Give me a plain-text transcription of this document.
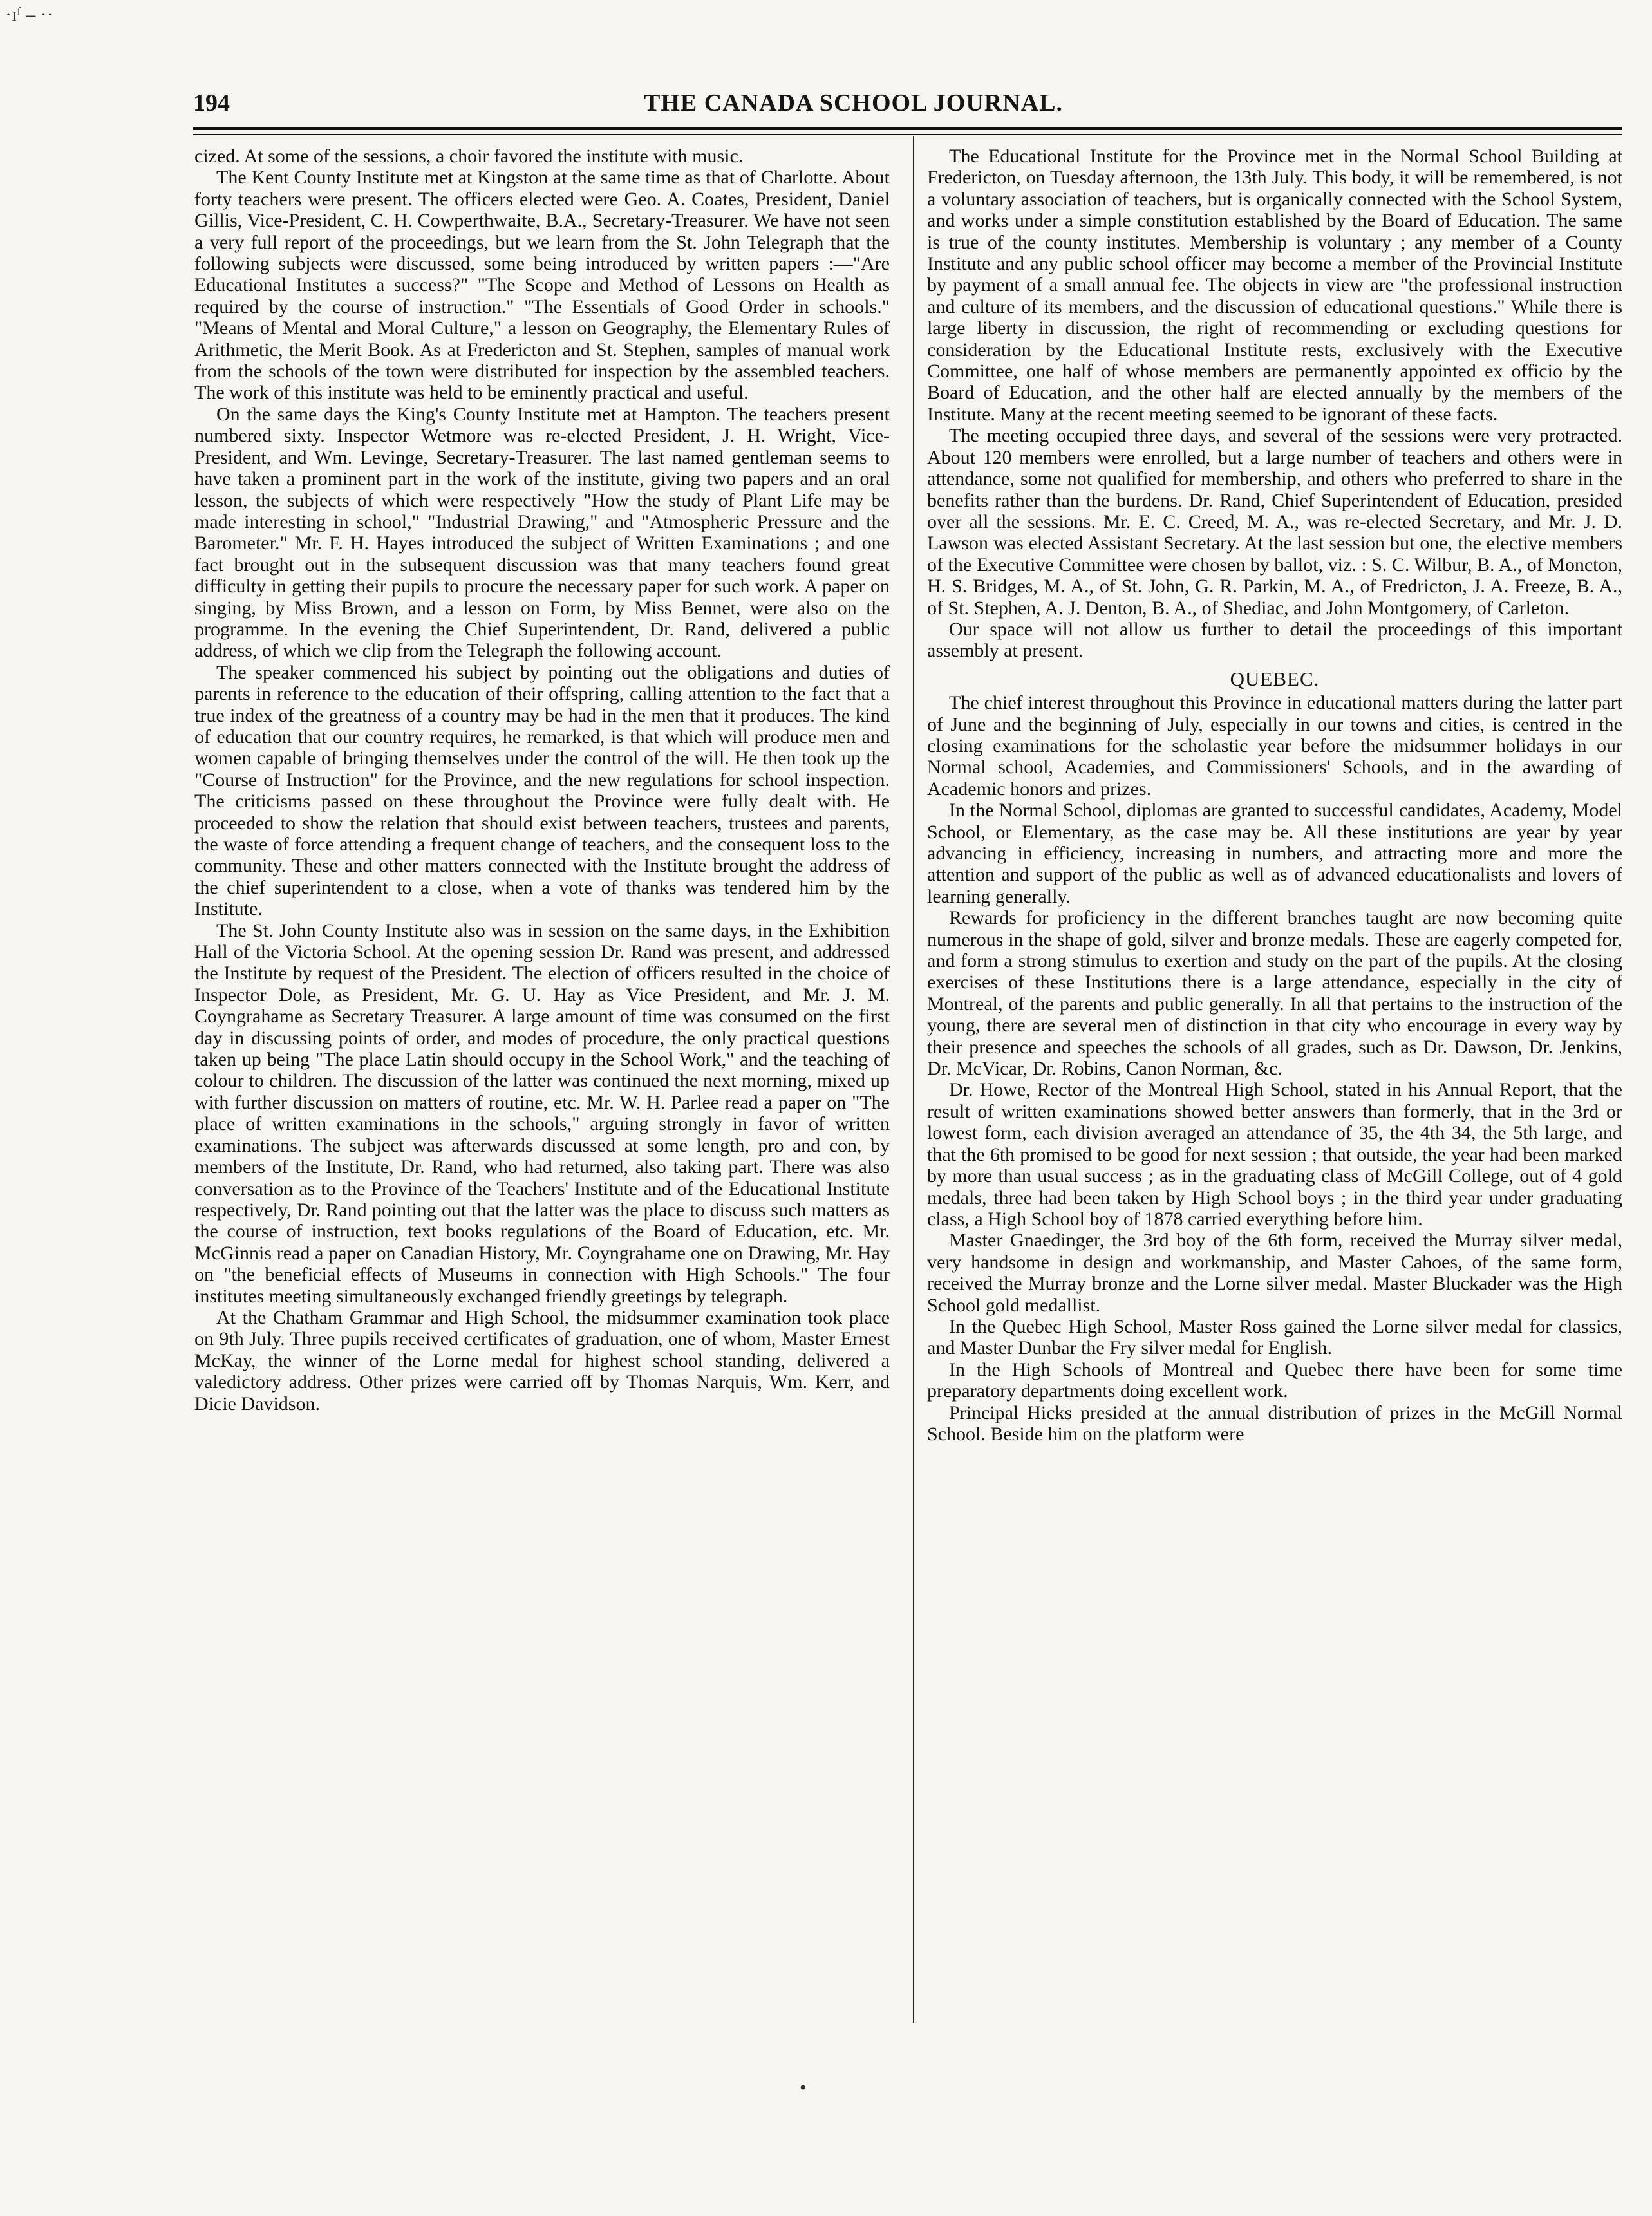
·ɪᶠ – ··
194	THE CANADA SCHOOL JOURNAL.

cized. At some of the sessions, a choir favored the institute with music.

The Kent County Institute met at Kingston at the same time as that of Charlotte. About forty teachers were present. The officers elected were Geo. A. Coates, President, Daniel Gillis, Vice-President, C. H. Cowperthwaite, B.A., Secretary-Treasurer. We have not seen a very full report of the proceedings, but we learn from the St. John Telegraph that the following subjects were discussed, some being introduced by written papers :—"Are Educational Institutes a success?" "The Scope and Method of Lessons on Health as required by the course of instruction." "The Essentials of Good Order in schools." "Means of Mental and Moral Culture," a lesson on Geography, the Elementary Rules of Arithmetic, the Merit Book. As at Fredericton and St. Stephen, samples of manual work from the schools of the town were distributed for inspection by the assembled teachers. The work of this institute was held to be eminently practical and useful.

On the same days the King's County Institute met at Hampton. The teachers present numbered sixty. Inspector Wetmore was re-elected President, J. H. Wright, Vice-President, and Wm. Levinge, Secretary-Treasurer. The last named gentleman seems to have taken a prominent part in the work of the institute, giving two papers and an oral lesson, the subjects of which were respectively "How the study of Plant Life may be made interesting in school," "Industrial Drawing," and "Atmospheric Pressure and the Barometer." Mr. F. H. Hayes introduced the subject of Written Examinations ; and one fact brought out in the subsequent discussion was that many teachers found great difficulty in getting their pupils to procure the necessary paper for such work. A paper on singing, by Miss Brown, and a lesson on Form, by Miss Bennet, were also on the programme. In the evening the Chief Superintendent, Dr. Rand, delivered a public address, of which we clip from the Telegraph the following account.

The speaker commenced his subject by pointing out the obligations and duties of parents in reference to the education of their offspring, calling attention to the fact that a true index of the greatness of a country may be had in the men that it produces. The kind of education that our country requires, he remarked, is that which will produce men and women capable of bringing themselves under the control of the will. He then took up the "Course of Instruction" for the Province, and the new regulations for school inspection. The criticisms passed on these throughout the Province were fully dealt with. He proceeded to show the relation that should exist between teachers, trustees and parents, the waste of force attending a frequent change of teachers, and the consequent loss to the community. These and other matters connected with the Institute brought the address of the chief superintendent to a close, when a vote of thanks was tendered him by the Institute.

The St. John County Institute also was in session on the same days, in the Exhibition Hall of the Victoria School. At the opening session Dr. Rand was present, and addressed the Institute by request of the President. The election of officers resulted in the choice of Inspector Dole, as President, Mr. G. U. Hay as Vice President, and Mr. J. M. Coyngrahame as Secretary Treasurer. A large amount of time was consumed on the first day in discussing points of order, and modes of procedure, the only practical questions taken up being "The place Latin should occupy in the School Work," and the teaching of colour to children. The discussion of the latter was continued the next morning, mixed up with further discussion on matters of routine, etc. Mr. W. H. Parlee read a paper on "The place of written examinations in the schools," arguing strongly in favor of written examinations. The subject was afterwards discussed at some length, pro and con, by members of the Institute, Dr. Rand, who had returned, also taking part. There was also conversation as to the Province of the Teachers' Institute and of the Educational Institute respectively, Dr. Rand pointing out that the latter was the place to discuss such matters as the course of instruction, text books regulations of the Board of Education, etc. Mr. McGinnis read a paper on Canadian History, Mr. Coyngrahame one on Drawing, Mr. Hay on "the beneficial effects of Museums in connection with High Schools." The four institutes meeting simultaneously exchanged friendly greetings by telegraph.

At the Chatham Grammar and High School, the midsummer examination took place on 9th July. Three pupils received certificates of graduation, one of whom, Master Ernest McKay, the winner of the Lorne medal for highest school standing, delivered a valedictory address. Other prizes were carried off by Thomas Narquis, Wm. Kerr, and Dicie Davidson.

The Educational Institute for the Province met in the Normal School Building at Fredericton, on Tuesday afternoon, the 13th July. This body, it will be remembered, is not a voluntary association of teachers, but is organically connected with the School System, and works under a simple constitution established by the Board of Education. The same is true of the county institutes. Membership is voluntary ; any member of a County Institute and any public school officer may become a member of the Provincial Institute by payment of a small annual fee. The objects in view are "the professional instruction and culture of its members, and the discussion of educational questions." While there is large liberty in discussion, the right of recommending or excluding questions for consideration by the Educational Institute rests, exclusively with the Executive Committee, one half of whose members are permanently appointed ex officio by the Board of Education, and the other half are elected annually by the members of the Institute. Many at the recent meeting seemed to be ignorant of these facts.

The meeting occupied three days, and several of the sessions were very protracted. About 120 members were enrolled, but a large number of teachers and others were in attendance, some not qualified for membership, and others who preferred to share in the benefits rather than the burdens. Dr. Rand, Chief Superintendent of Education, presided over all the sessions. Mr. E. C. Creed, M. A., was re-elected Secretary, and Mr. J. D. Lawson was elected Assistant Secretary. At the last session but one, the elective members of the Executive Committee were chosen by ballot, viz. : S. C. Wilbur, B. A., of Moncton, H. S. Bridges, M. A., of St. John, G. R. Parkin, M. A., of Fredricton, J. A. Freeze, B. A., of St. Stephen, A. J. Denton, B. A., of Shediac, and John Montgomery, of Carleton.

Our space will not allow us further to detail the proceedings of this important assembly at present.

QUEBEC.

The chief interest throughout this Province in educational matters during the latter part of June and the beginning of July, especially in our towns and cities, is centred in the closing examinations for the scholastic year before the midsummer holidays in our Normal school, Academies, and Commissioners' Schools, and in the awarding of Academic honors and prizes.

In the Normal School, diplomas are granted to successful candidates, Academy, Model School, or Elementary, as the case may be. All these institutions are year by year advancing in efficiency, increasing in numbers, and attracting more and more the attention and support of the public as well as of advanced educationalists and lovers of learning generally.

Rewards for proficiency in the different branches taught are now becoming quite numerous in the shape of gold, silver and bronze medals. These are eagerly competed for, and form a strong stimulus to exertion and study on the part of the pupils. At the closing exercises of these Institutions there is a large attendance, especially in the city of Montreal, of the parents and public generally. In all that pertains to the instruction of the young, there are several men of distinction in that city who encourage in every way by their presence and speeches the schools of all grades, such as Dr. Dawson, Dr. Jenkins, Dr. McVicar, Dr. Robins, Canon Norman, &c.

Dr. Howe, Rector of the Montreal High School, stated in his Annual Report, that the result of written examinations showed better answers than formerly, that in the 3rd or lowest form, each division averaged an attendance of 35, the 4th 34, the 5th large, and that the 6th promised to be good for next session ; that outside, the year had been marked by more than usual success ; as in the graduating class of McGill College, out of 4 gold medals, three had been taken by High School boys ; in the third year under graduating class, a High School boy of 1878 carried everything before him.

Master Gnaedinger, the 3rd boy of the 6th form, received the Murray silver medal, very handsome in design and workmanship, and Master Cahoes, of the same form, received the Murray bronze and the Lorne silver medal. Master Bluckader was the High School gold medallist.

In the Quebec High School, Master Ross gained the Lorne silver medal for classics, and Master Dunbar the Fry silver medal for English.

In the High Schools of Montreal and Quebec there have been for some time preparatory departments doing excellent work.

Principal Hicks presided at the annual distribution of prizes in the McGill Normal School. Beside him on the platform were

•
